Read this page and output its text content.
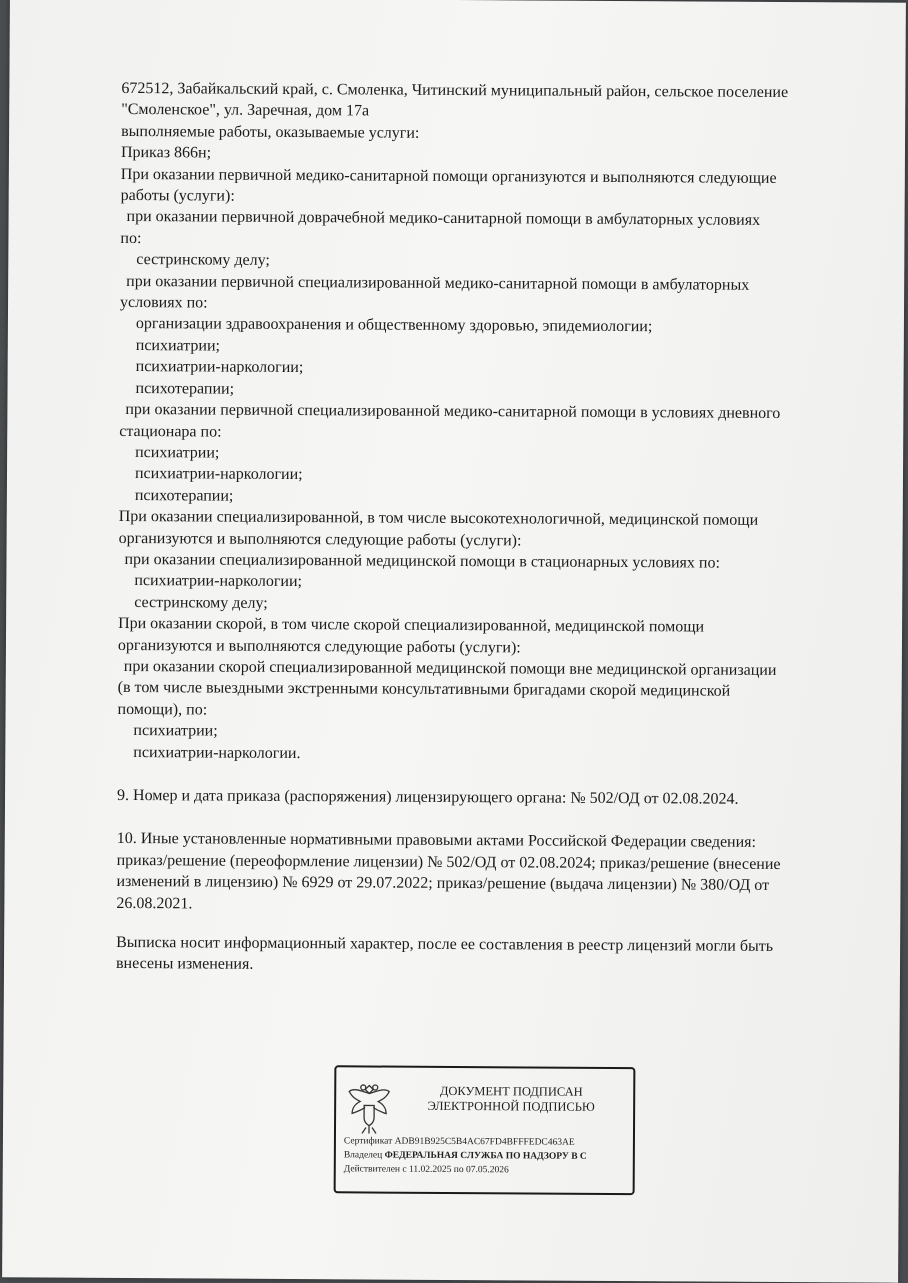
672512, Забайкальский край, с. Смоленка, Читинский муниципальный район, сельское поселение

"Смоленское", ул. Заречная, дом 17а

выполняемые работы, оказываемые услуги:

Приказ 866н;

При оказании первичной медико-санитарной помощи организуются и выполняются следующие

работы (услуги):

при оказании первичной доврачебной медико-санитарной помощи в амбулаторных условиях

по:

сестринскому делу;

при оказании первичной специализированной медико-санитарной помощи в амбулаторных

условиях по:

организации здравоохранения и общественному здоровью, эпидемиологии;

психиатрии;

психиатрии-наркологии;

психотерапии;

при оказании первичной специализированной медико-санитарной помощи в условиях дневного

стационара по:

психиатрии;

психиатрии-наркологии;

психотерапии;

При оказании специализированной, в том числе высокотехнологичной, медицинской помощи

организуются и выполняются следующие работы (услуги):

при оказании специализированной медицинской помощи в стационарных условиях по:

психиатрии-наркологии;

сестринскому делу;

При оказании скорой, в том числе скорой специализированной, медицинской помощи

организуются и выполняются следующие работы (услуги):

при оказании скорой специализированной медицинской помощи вне медицинской организации

(в том числе выездными экстренными консультативными бригадами скорой медицинской

помощи), по:

психиатрии;

психиатрии-наркологии.

9. Номер и дата приказа (распоряжения) лицензирующего органа: № 502/ОД от 02.08.2024.

10. Иные установленные нормативными правовыми актами Российской Федерации сведения:

приказ/решение (переоформление лицензии) № 502/ОД от 02.08.2024; приказ/решение (внесение

изменений в лицензию) № 6929 от 29.07.2022; приказ/решение (выдача лицензии) № 380/ОД от

26.08.2021.

Выписка носит информационный характер, после ее составления в реестр лицензий могли быть

внесены изменения.

ДОКУМЕНТ ПОДПИСАН
ЭЛЕКТРОННОЙ ПОДПИСЬЮ
Сертификат ADB91B925C5B4AC67FD4BFFFEDC463AE
Владелец ФЕДЕРАЛЬНАЯ СЛУЖБА ПО НАДЗОРУ В С
Действителен с 11.02.2025 по 07.05.2026
